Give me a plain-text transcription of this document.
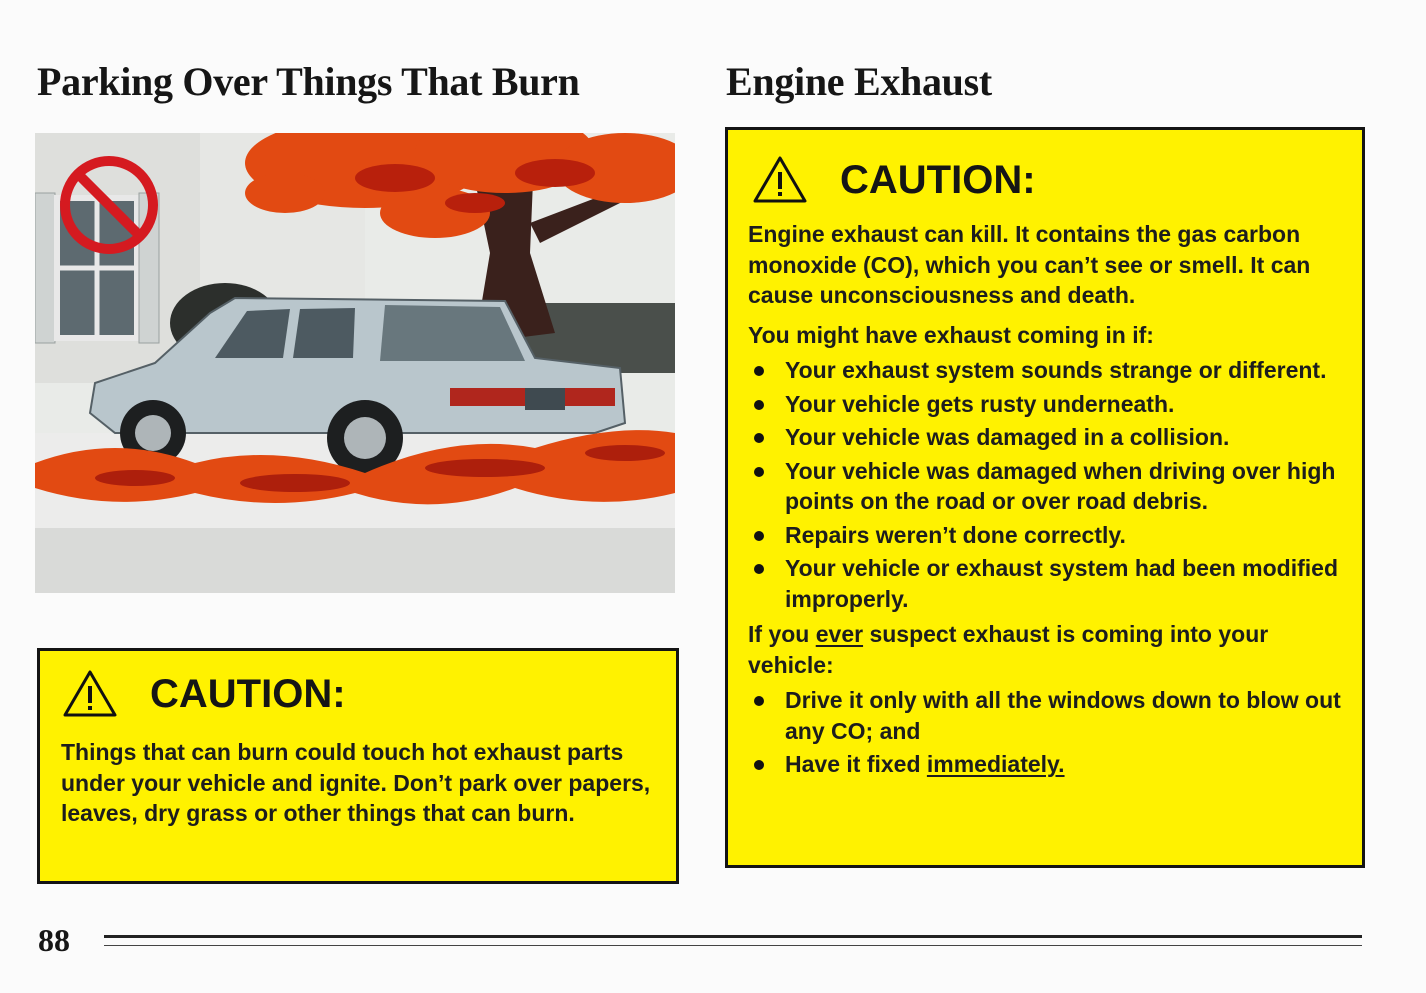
Parking Over Things That Burn	Engine Exhaust
CAUTION:
Things that can burn could touch hot exhaust parts under your vehicle and ignite. Don’t park over papers, leaves, dry grass or other things that can burn.
CAUTION:

Engine exhaust can kill. It contains the gas carbon monoxide (CO), which you can’t see or smell. It can cause unconsciousness and death.

You might have exhaust coming in if:

Your exhaust system sounds strange or different.
Your vehicle gets rusty underneath.
Your vehicle was damaged in a collision.
Your vehicle was damaged when driving over high points on the road or over road debris.
Repairs weren’t done correctly.
Your vehicle or exhaust system had been modified improperly.

If you ever suspect exhaust is coming into your vehicle:

Drive it only with all the windows down to blow out any CO; and
Have it fixed immediately.
88
